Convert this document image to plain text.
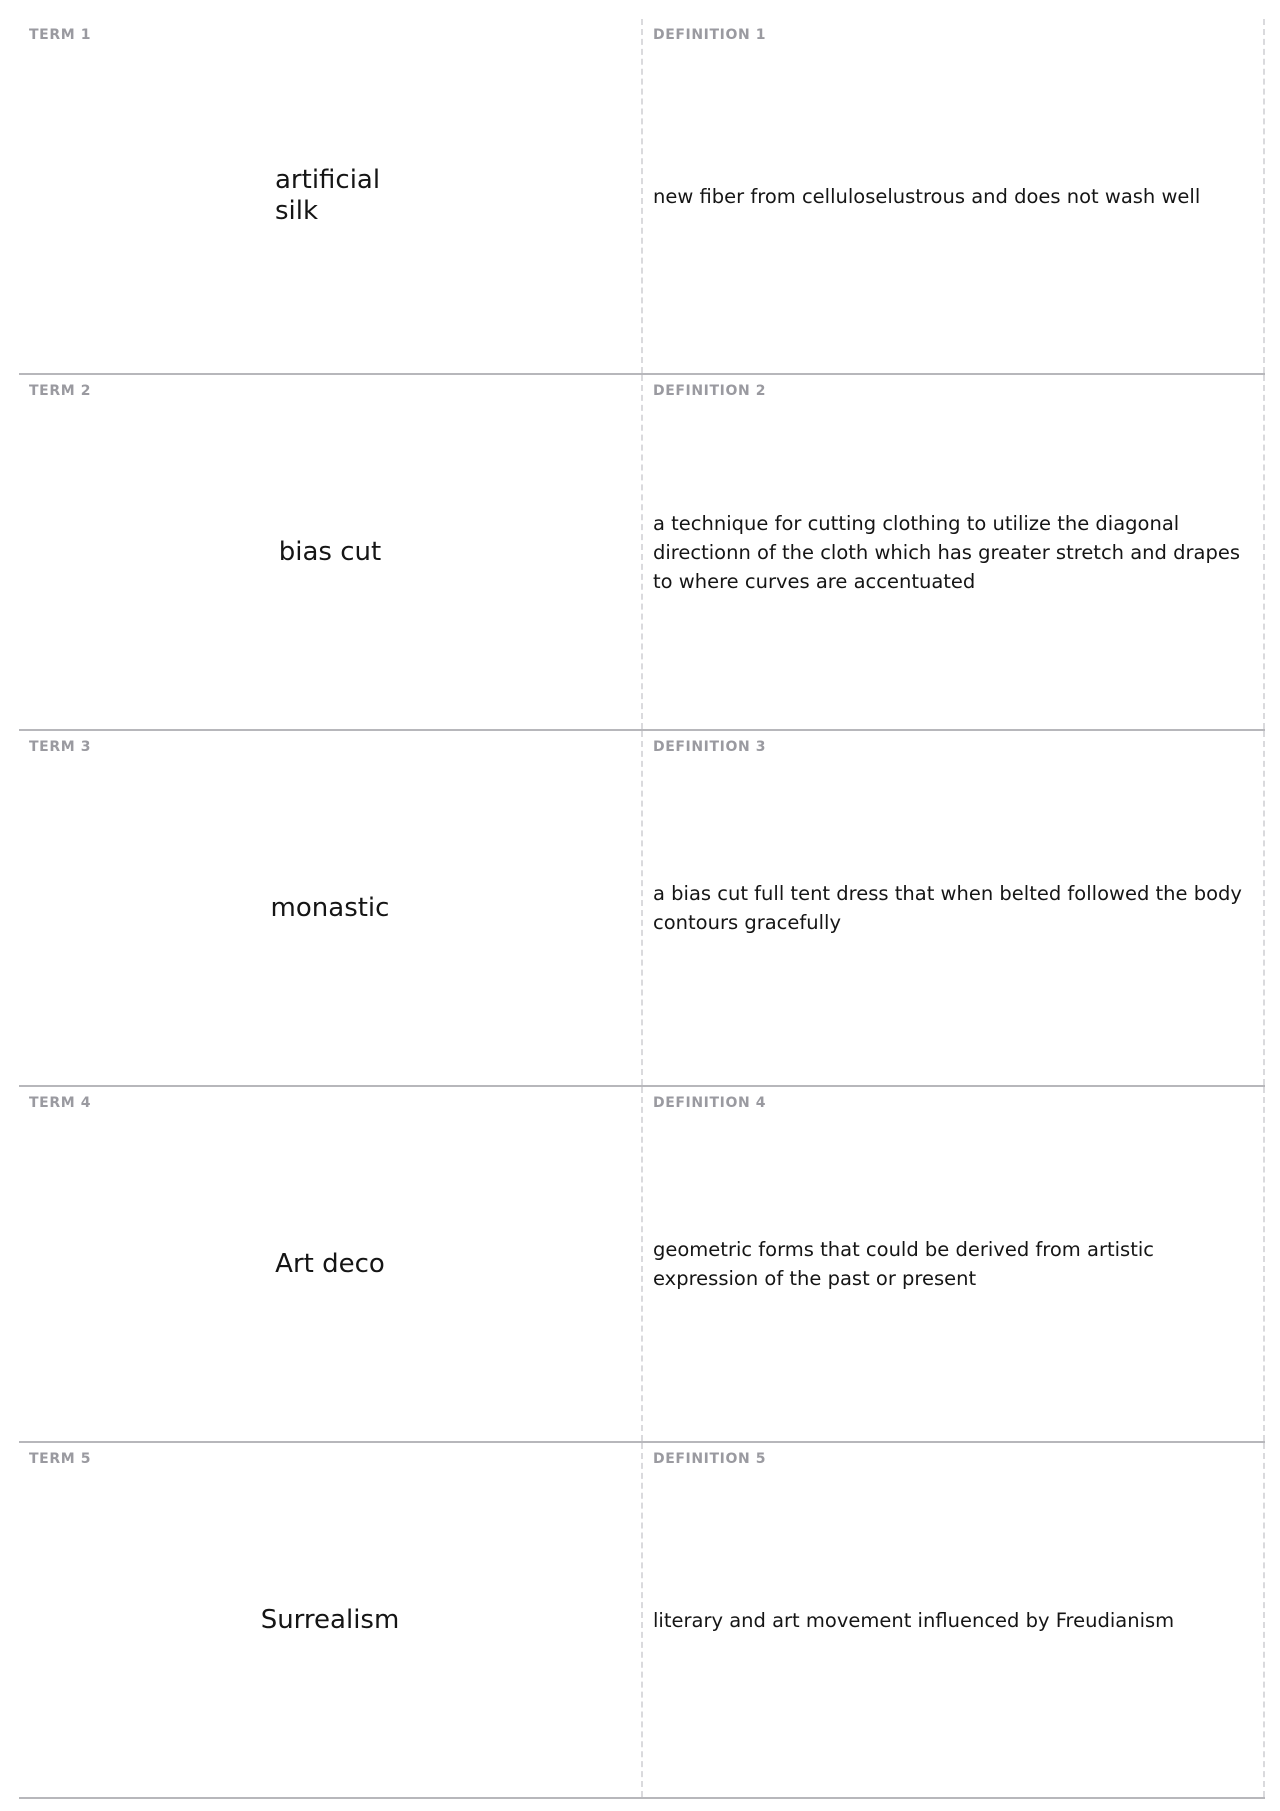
TERM 1
artificial silk
DEFINITION 1
new fiber from celluloselustrous and does not wash well
TERM 2
bias cut
DEFINITION 2
a technique for cutting clothing to utilize the diagonal directionn of the cloth which has greater stretch and drapes to where curves are accentuated
TERM 3
monastic
DEFINITION 3
a bias cut full tent dress that when belted followed the body contours gracefully
TERM 4
Art deco
DEFINITION 4
geometric forms that could be derived from artistic expression of the past or present
TERM 5
Surrealism
DEFINITION 5
literary and art movement influenced by Freudianism
